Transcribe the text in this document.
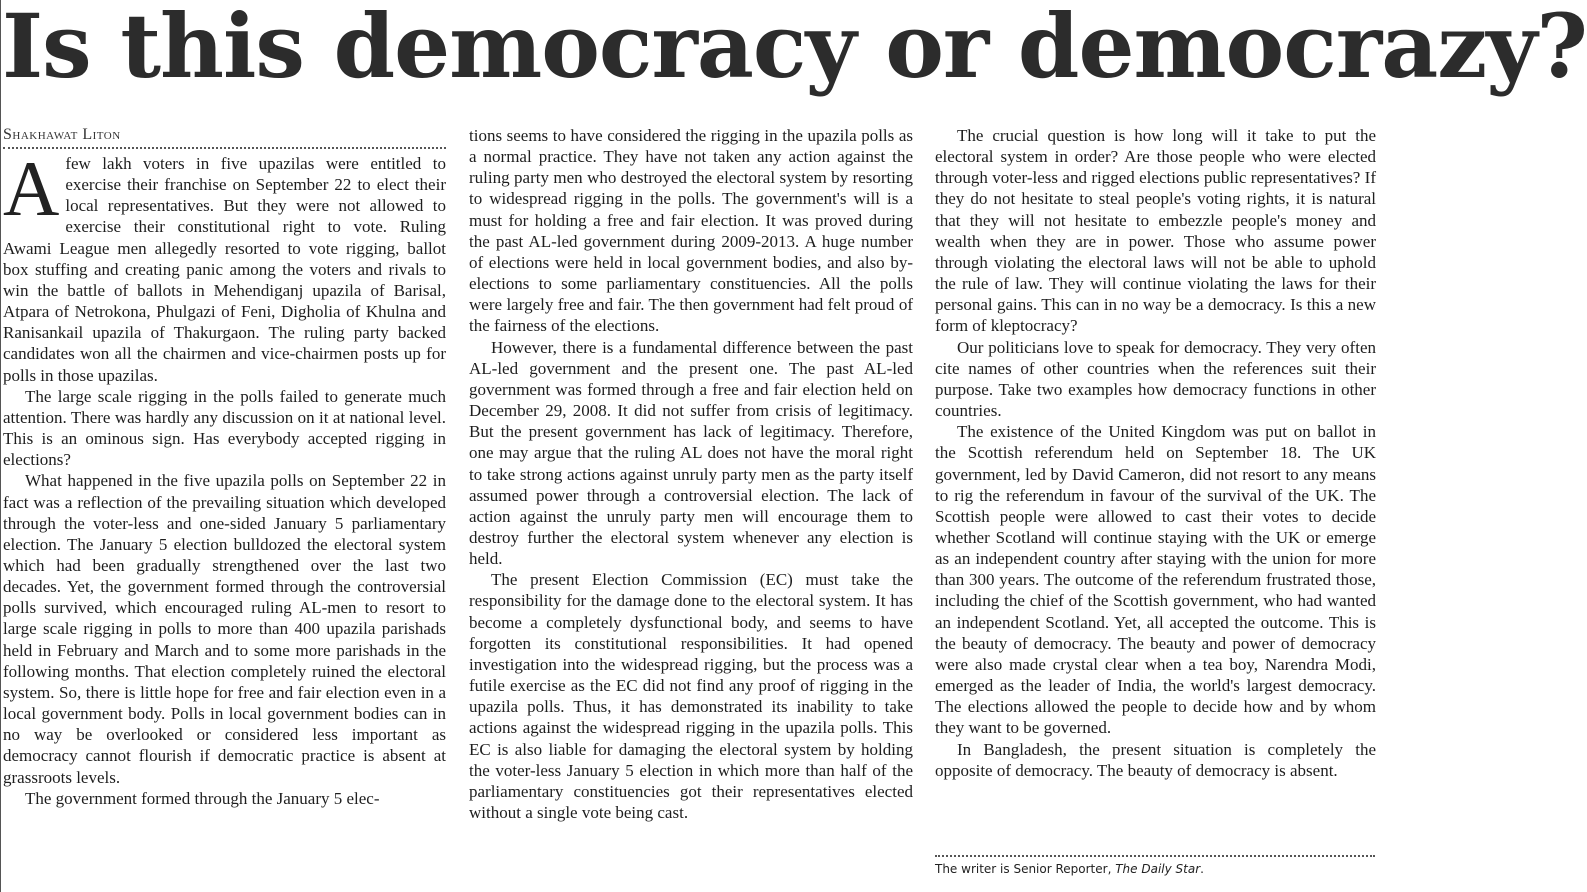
Is this democracy or democrazy?
Shakhawat Liton

Afew lakh voters in five upazilas were entitled to exercise their franchise on September 22 to elect their local representatives. But they were not allowed to exercise their constitutional right to vote. Ruling Awami League men allegedly resorted to vote rigging, ballot box stuffing and creating panic among the voters and rivals to win the battle of ballots in Mehendiganj upazila of Barisal, Atpara of Netrokona, Phulgazi of Feni, Digholia of Khulna and Ranisankail upazila of Thakurgaon. The ruling party backed candidates won all the chairmen and vice-chairmen posts up for polls in those upazilas.

The large scale rigging in the polls failed to generate much attention. There was hardly any discussion on it at national level. This is an ominous sign. Has everybody accepted rigging in elections?

What happened in the five upazila polls on September 22 in fact was a reflection of the prevailing situation which developed through the voter-less and one-sided January 5 parliamentary election. The January 5 election bulldozed the electoral system which had been gradually strengthened over the last two decades. Yet, the government formed through the controversial polls survived, which encouraged ruling AL-men to resort to large scale rigging in polls to more than 400 upazila parishads held in February and March and to some more parishads in the following months. That election completely ruined the electoral system. So, there is little hope for free and fair election even in a local government body. Polls in local government bodies can in no way be overlooked or considered less important as democracy cannot flourish if democratic practice is absent at grassroots levels.

The government formed through the January 5 elec-

tions seems to have considered the rigging in the upazila polls as a normal practice. They have not taken any action against the ruling party men who destroyed the electoral system by resorting to widespread rigging in the polls. The government's will is a must for holding a free and fair election. It was proved during the past AL-led government during 2009-2013. A huge number of elections were held in local government bodies, and also by-elections to some parliamentary constituencies. All the polls were largely free and fair. The then government had felt proud of the fairness of the elections.

However, there is a fundamental difference between the past AL-led government and the present one. The past AL-led government was formed through a free and fair election held on December 29, 2008. It did not suffer from crisis of legitimacy. But the present government has lack of legitimacy. Therefore, one may argue that the ruling AL does not have the moral right to take strong actions against unruly party men as the party itself assumed power through a controversial election. The lack of action against the unruly party men will encourage them to destroy further the electoral system whenever any election is held.

The present Election Commission (EC) must take the responsibility for the damage done to the electoral system. It has become a completely dysfunctional body, and seems to have forgotten its constitutional responsibilities. It had opened investigation into the widespread rigging, but the process was a futile exercise as the EC did not find any proof of rigging in the upazila polls. Thus, it has demonstrated its inability to take actions against the widespread rigging in the upazila polls. This EC is also liable for damaging the electoral system by holding the voter-less January 5 election in which more than half of the parliamentary constituencies got their representatives elected without a single vote being cast.

The crucial question is how long will it take to put the electoral system in order? Are those people who were elected through voter-less and rigged elections public representatives? If they do not hesitate to steal people's voting rights, it is natural that they will not hesitate to embezzle people's money and wealth when they are in power. Those who assume power through violating the electoral laws will not be able to uphold the rule of law. They will continue violating the laws for their personal gains. This can in no way be a democracy. Is this a new form of kleptocracy?

Our politicians love to speak for democracy. They very often cite names of other countries when the references suit their purpose. Take two examples how democracy functions in other countries.

The existence of the United Kingdom was put on ballot in the Scottish referendum held on September 18. The UK government, led by David Cameron, did not resort to any means to rig the referendum in favour of the survival of the UK. The Scottish people were allowed to cast their votes to decide whether Scotland will continue staying with the UK or emerge as an independent country after staying with the union for more than 300 years. The outcome of the referendum frustrated those, including the chief of the Scottish government, who had wanted an independent Scotland. Yet, all accepted the outcome. This is the beauty of democracy. The beauty and power of democracy were also made crystal clear when a tea boy, Narendra Modi, emerged as the leader of India, the world's largest democracy. The elections allowed the people to decide how and by whom they want to be governed.

In Bangladesh, the present situation is completely the opposite of democracy. The beauty of democracy is absent.

The writer is Senior Reporter, The Daily Star.
